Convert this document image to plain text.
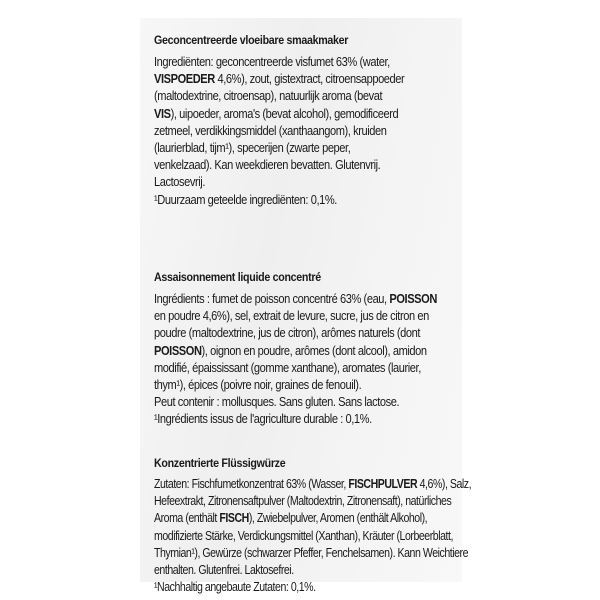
Geconcentreerde vloeibare smaakmaker
Ingrediënten: geconcentreerde visfumet 63% (water,
VISPOEDER 4,6%), zout, gistextract, citroensappoeder
(maltodextrine, citroensap), natuurlijk aroma (bevat
VIS), uipoeder, aroma's (bevat alcohol), gemodificeerd
zetmeel, verdikkingsmiddel (xanthaangom), kruiden
(laurierblad, tijm¹), specerijen (zwarte peper,
venkelzaad). Kan weekdieren bevatten. Glutenvrij.
Lactosevrij.
¹Duurzaam geteelde ingrediënten: 0,1%.
Assaisonnement liquide concentré
Ingrédients : fumet de poisson concentré 63% (eau, POISSON
en poudre 4,6%), sel, extrait de levure, sucre, jus de citron en
poudre (maltodextrine, jus de citron), arômes naturels (dont
POISSON), oignon en poudre, arômes (dont alcool), amidon
modifié, épaississant (gomme xanthane), aromates (laurier,
thym¹), épices (poivre noir, graines de fenouil).
Peut contenir : mollusques. Sans gluten. Sans lactose.
¹Ingrédients issus de l'agriculture durable : 0,1%.
Konzentrierte Flüssigwürze
Zutaten: Fischfumetkonzentrat 63% (Wasser, FISCHPULVER 4,6%), Salz,
Hefeextrakt, Zitronensaftpulver (Maltodextrin, Zitronensaft), natürliches
Aroma (enthält FISCH), Zwiebelpulver, Aromen (enthält Alkohol),
modifizierte Stärke, Verdickungsmittel (Xanthan), Kräuter (Lorbeerblatt,
Thymian¹), Gewürze (schwarzer Pfeffer, Fenchelsamen). Kann Weichtiere
enthalten. Glutenfrei. Laktosefrei.
¹Nachhaltig angebaute Zutaten: 0,1%.
